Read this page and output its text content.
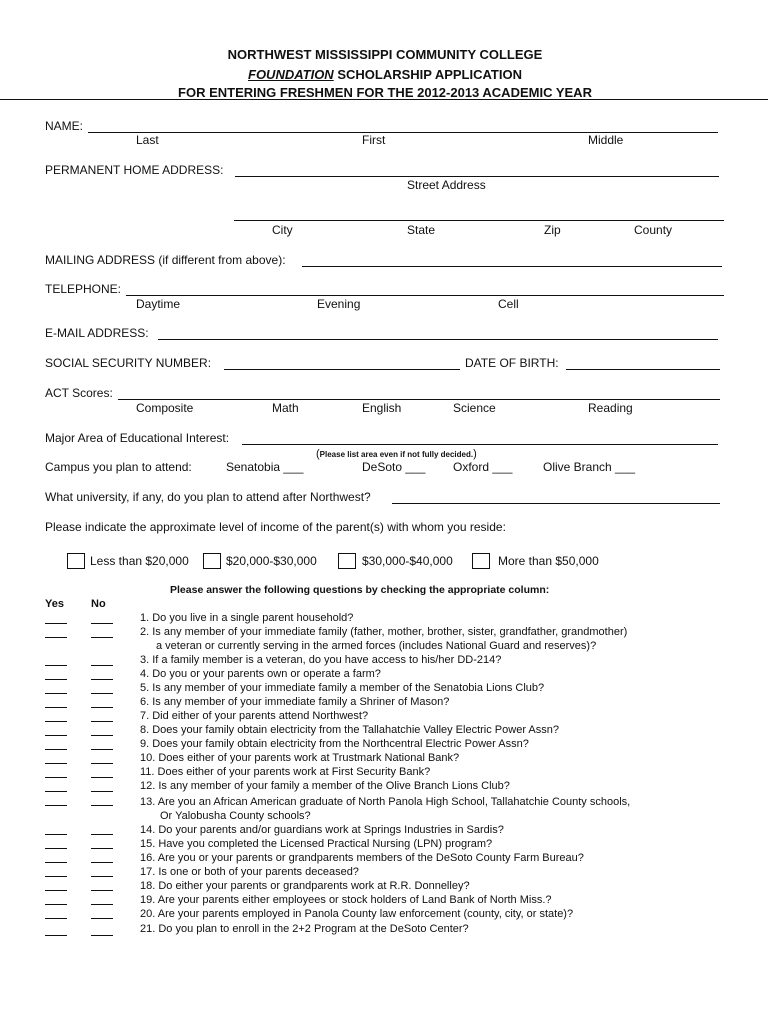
NORTHWEST MISSISSIPPI COMMUNITY COLLEGE
FOUNDATION SCHOLARSHIP APPLICATION
FOR ENTERING FRESHMEN FOR THE 2012-2013 ACADEMIC YEAR
NAME:
Last	First	Middle
PERMANENT HOME ADDRESS:
Street Address
City	State	Zip	County
MAILING ADDRESS (if different from above):
TELEPHONE:
Daytime	Evening	Cell
E-MAIL ADDRESS:
SOCIAL SECURITY NUMBER:	DATE OF BIRTH:
ACT Scores:
Composite	Math	English	Science	Reading
Major Area of Educational Interest:
(Please list area even if not fully decided.)
Campus you plan to attend:	Senatobia ___	DeSoto ___ Oxford ___	Olive Branch ___
What university, if any, do you plan to attend after Northwest?
Please indicate the approximate level of income of the parent(s) with whom you reside:
Less than $20,000	$20,000-$30,000	$30,000-$40,000	More than $50,000
Please answer the following questions by checking the appropriate column:
Yes No
1. Do you live in a single parent household?
2. Is any member of your immediate family (father, mother, brother, sister, grandfather, grandmother)
a veteran or currently serving in the armed forces (includes National Guard and reserves)?
3. If a family member is a veteran, do you have access to his/her DD-214?
4. Do you or your parents own or operate a farm?
5. Is any member of your immediate family a member of the Senatobia Lions Club?
6. Is any member of your immediate family a Shriner of Mason?
7. Did either of your parents attend Northwest?
8. Does your family obtain electricity from the Tallahatchie Valley Electric Power Assn?
9. Does your family obtain electricity from the Northcentral Electric Power Assn?
10. Does either of your parents work at Trustmark National Bank?
11. Does either of your parents work at First Security Bank?
12. Is any member of your family a member of the Olive Branch Lions Club?
13. Are you an African American graduate of North Panola High School, Tallahatchie County schools,
Or Yalobusha County schools?
14. Do your parents and/or guardians work at Springs Industries in Sardis?
15. Have you completed the Licensed Practical Nursing (LPN) program?
16. Are you or your parents or grandparents members of the DeSoto County Farm Bureau?
17. Is one or both of your parents deceased?
18. Do either your parents or grandparents work at R.R. Donnelley?
19. Are your parents either employees or stock holders of Land Bank of North Miss.?
20. Are your parents employed in Panola County law enforcement (county, city, or state)?
21. Do you plan to enroll in the 2+2 Program at the DeSoto Center?
